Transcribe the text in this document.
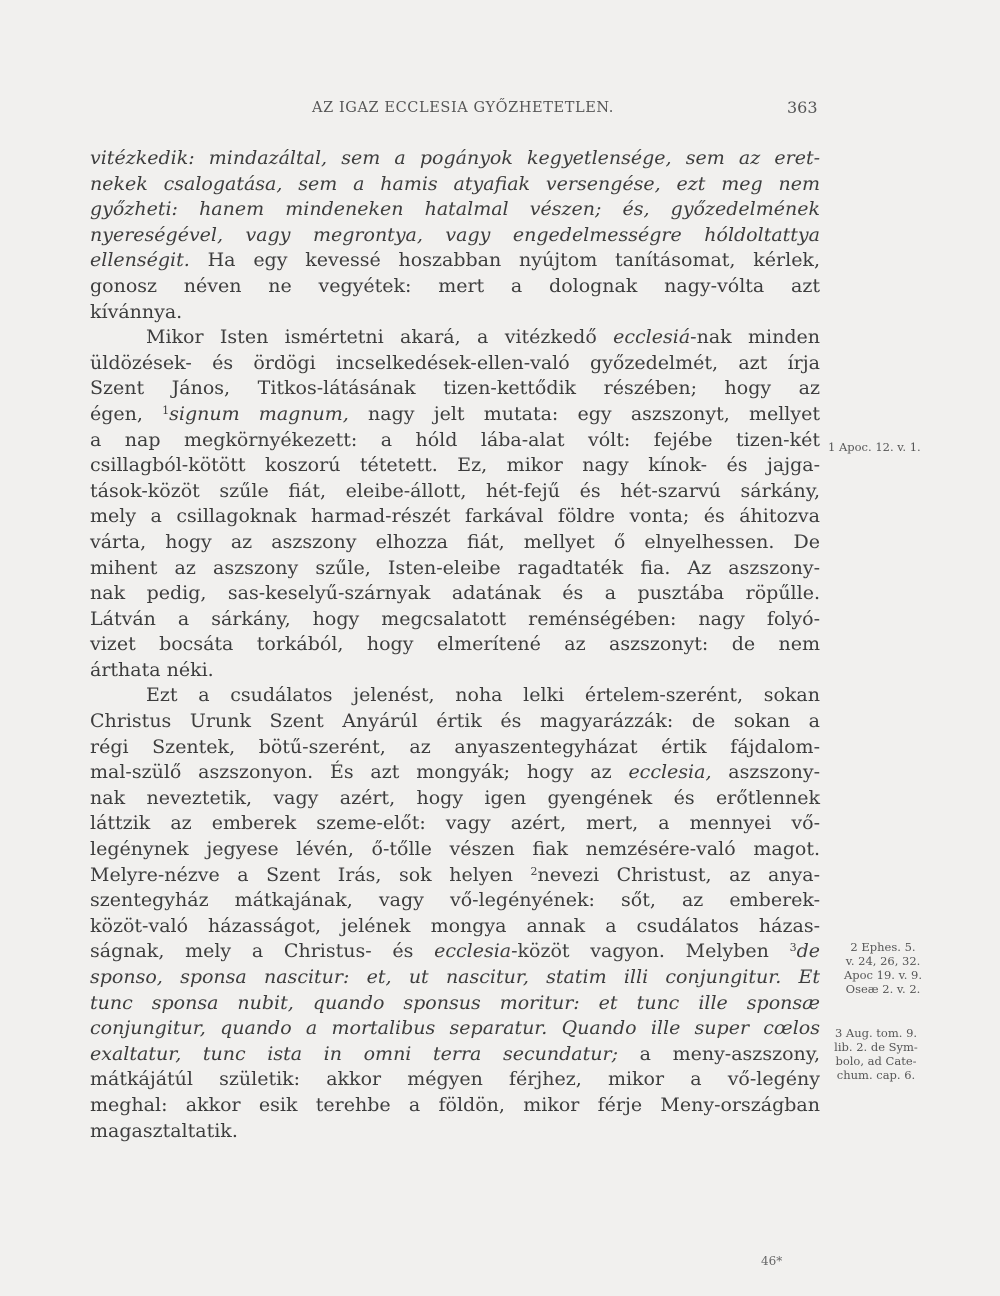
AZ IGAZ ECCLESIA GYŐZHETETLEN.	363
vitézkedik: mindazáltal, sem a pogányok kegyetlensége, sem az eret-
nekek csalogatása, sem a hamis atyafiak versengése, ezt meg nem
győzheti: hanem mindeneken hatalmal vészen; és, győzedelmének
nyereségével, vagy megrontya, vagy engedelmességre hóldoltattya
ellenségit. Ha egy kevessé hoszabban nyújtom tanításomat, kérlek,
gonosz néven ne vegyétek: mert a dolognak nagy-vólta azt
kívánnya.
Mikor Isten ismértetni akará, a vitézkedő ecclesiá-nak minden
üldözések- és ördögi incselkedések-ellen-való győzedelmét, azt írja
Szent János, Titkos-látásának tizen-kettődik részében; hogy az
égen, $^1$signum magnum, nagy jelt mutata: egy aszszonyt, mellyet
a nap megkörnyékezett: a hóld lába-alat vólt: fejébe tizen-két
csillagból-kötött koszorú tétetett. Ez, mikor nagy kínok- és jajga-
tások-közöt szűle fiát, eleibe-állott, hét-fejű és hét-szarvú sárkány,
mely a csillagoknak harmad-részét farkával földre vonta; és áhitozva
várta, hogy az aszszony elhozza fiát, mellyet ő elnyelhessen. De
mihent az aszszony szűle, Isten-eleibe ragadtaték fia. Az aszszony-
nak pedig, sas-keselyű-szárnyak adatának és a pusztába röpűlle.
Látván a sárkány, hogy megcsalatott reménségében: nagy folyó-
vizet bocsáta torkából, hogy elmerítené az aszszonyt: de nem
árthata néki.
Ezt a csudálatos jelenést, noha lelki értelem-szerént, sokan
Christus Urunk Szent Anyárúl értik és magyarázzák: de sokan a
régi Szentek, bötű-szerént, az anyaszentegyházat értik fájdalom-
mal-szülő aszszonyon. És azt mongyák; hogy az ecclesia, aszszony-
nak neveztetik, vagy azért, hogy igen gyengének és erőtlennek
láttzik az emberek szeme-előt: vagy azért, mert, a mennyei vő-
legénynek jegyese lévén, ő-tőlle vészen fiak nemzésére-való magot.
Melyre-nézve a Szent Irás, sok helyen $^2$nevezi Christust, az anya-
szentegyház mátkajának, vagy vő-legényének: sőt, az emberek-
közöt-való házasságot, jelének mongya annak a csudálatos házas-
ságnak, mely a Christus- és ecclesia-közöt vagyon. Melyben $^3$de
sponso, sponsa nascitur: et, ut nascitur, statim illi conjungitur. Et
tunc sponsa nubit, quando sponsus moritur: et tunc ille sponsæ
conjungitur, quando a mortalibus separatur. Quando ille super cœlos
exaltatur, tunc ista in omni terra secundatur; a meny-aszszony,
mátkájátúl születik: akkor mégyen férjhez, mikor a vő-legény
meghal: akkor esik terehbe a földön, mikor férje Meny-országban
magasztaltatik.
1 Apoc. 12. v. 1.
2 Ephes. 5.
v. 24, 26, 32.
Apoc 19. v. 9.
Oseæ 2. v. 2.
3 Aug. tom. 9.
lib. 2. de Sym-
bolo, ad Cate-
chum. cap. 6.
46*
